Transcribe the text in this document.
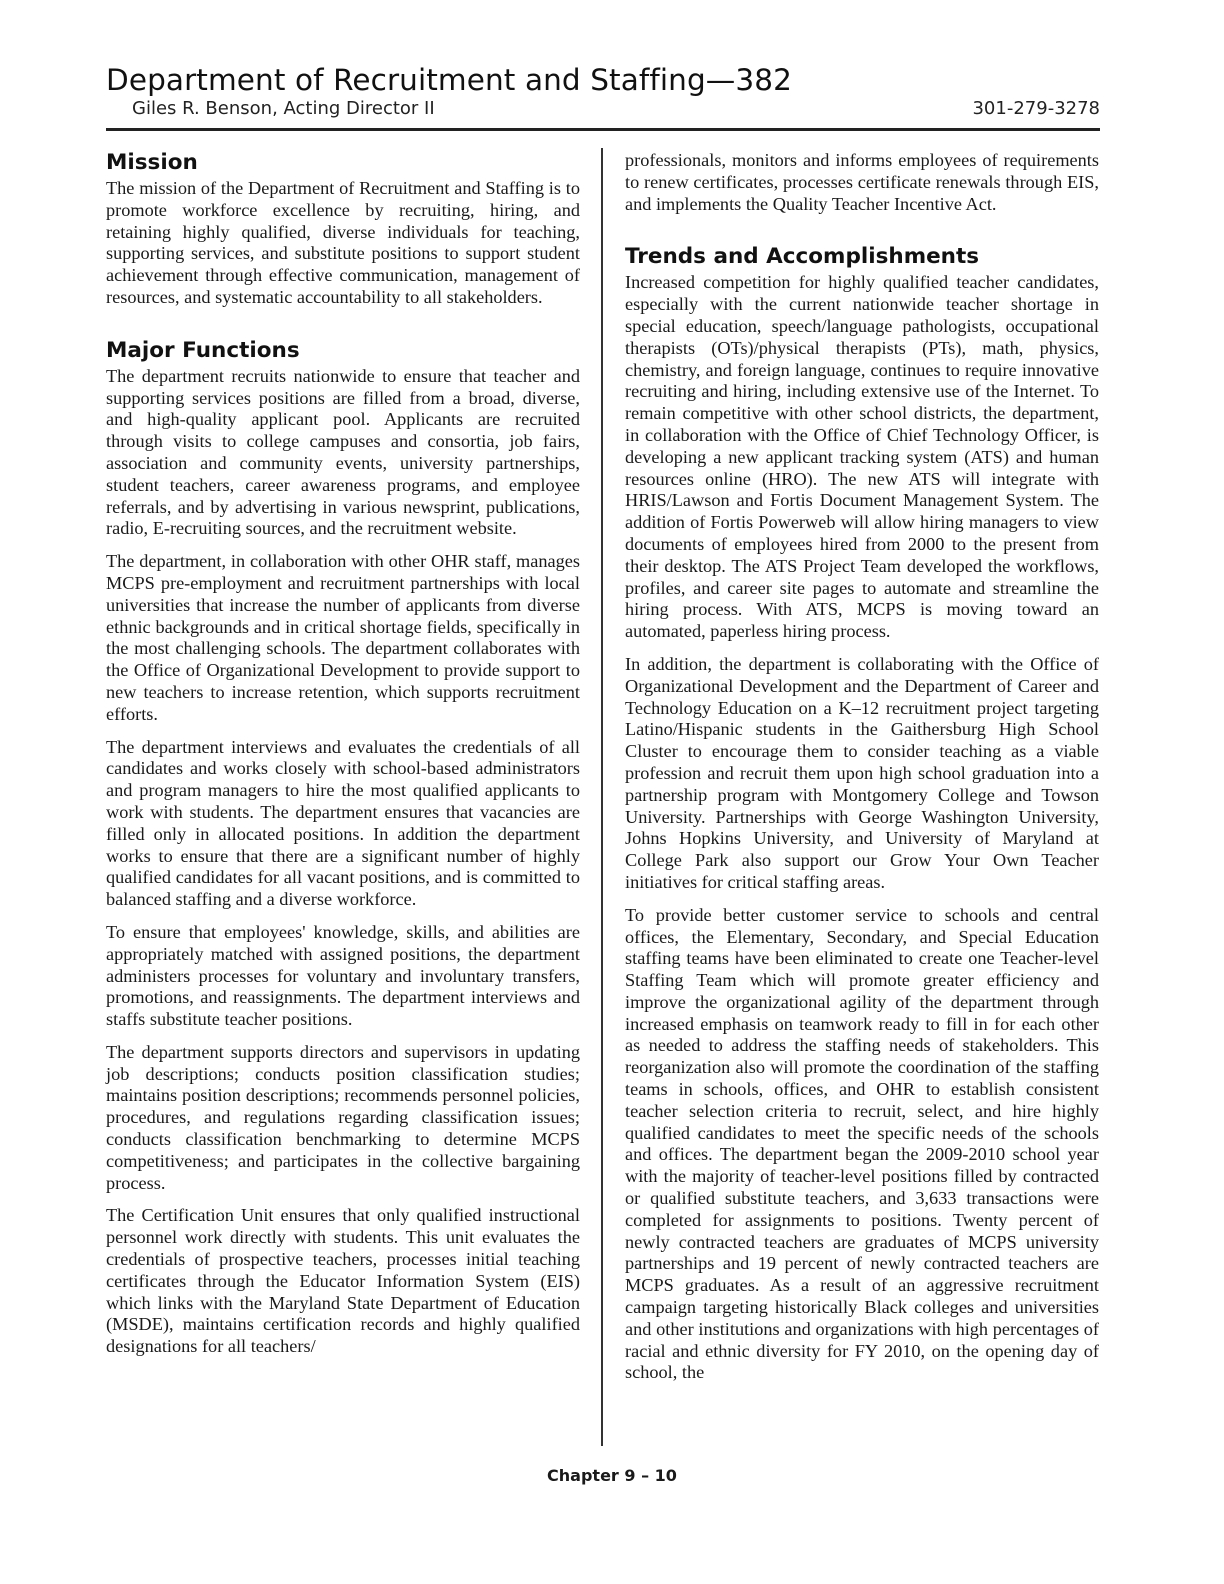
Department of Recruitment and Staffing—382
Giles R. Benson, Acting Director II	301-279-3278
Mission

The mission of the Department of Recruitment and Staffing is to promote workforce excellence by recruiting, hiring, and retaining highly qualified, diverse individuals for teaching, supporting services, and substitute positions to support student achievement through effective communication, management of resources, and systematic accountability to all stakeholders.

Major Functions

The department recruits nationwide to ensure that teacher and supporting services positions are filled from a broad, diverse, and high-quality applicant pool. Applicants are recruited through visits to college campuses and consortia, job fairs, association and community events, university partnerships, student teachers, career awareness programs, and employee referrals, and by advertising in various newsprint, publications, radio, E-recruiting sources, and the recruitment website.

The department, in collaboration with other OHR staff, manages MCPS pre-employment and recruitment partnerships with local universities that increase the number of applicants from diverse ethnic backgrounds and in critical shortage fields, specifically in the most challenging schools. The department collaborates with the Office of Organizational Development to provide support to new teachers to increase retention, which supports recruitment efforts.

The department interviews and evaluates the credentials of all candidates and works closely with school-based administrators and program managers to hire the most qualified applicants to work with students. The department ensures that vacancies are filled only in allocated positions. In addition the department works to ensure that there are a significant number of highly qualified candidates for all vacant positions, and is committed to balanced staffing and a diverse workforce.

To ensure that employees' knowledge, skills, and abilities are appropriately matched with assigned positions, the department administers processes for voluntary and involuntary transfers, promotions, and reassignments. The department interviews and staffs substitute teacher positions.

The department supports directors and supervisors in updating job descriptions; conducts position classification studies; maintains position descriptions; recommends personnel policies, procedures, and regulations regarding classification issues; conducts classification benchmarking to determine MCPS competitiveness; and participates in the collective bargaining process.

The Certification Unit ensures that only qualified instructional personnel work directly with students. This unit evaluates the credentials of prospective teachers, processes initial teaching certificates through the Educator Information System (EIS) which links with the Maryland State Department of Education (MSDE), maintains certification records and highly qualified designations for all teachers/

professionals, monitors and informs employees of requirements to renew certificates, processes certificate renewals through EIS, and implements the Quality Teacher Incentive Act.

Trends and Accomplishments

Increased competition for highly qualified teacher candidates, especially with the current nationwide teacher shortage in special education, speech/language pathologists, occupational therapists (OTs)/physical therapists (PTs), math, physics, chemistry, and foreign language, continues to require innovative recruiting and hiring, including extensive use of the Internet. To remain competitive with other school districts, the department, in collaboration with the Office of Chief Technology Officer, is developing a new applicant tracking system (ATS) and human resources online (HRO). The new ATS will integrate with HRIS/Lawson and Fortis Document Management System. The addition of Fortis Powerweb will allow hiring managers to view documents of employees hired from 2000 to the present from their desktop. The ATS Project Team developed the workflows, profiles, and career site pages to automate and streamline the hiring process. With ATS, MCPS is moving toward an automated, paperless hiring process.

In addition, the department is collaborating with the Office of Organizational Development and the Department of Career and Technology Education on a K–12 recruitment project targeting Latino/Hispanic students in the Gaithersburg High School Cluster to encourage them to consider teaching as a viable profession and recruit them upon high school graduation into a partnership program with Montgomery College and Towson University. Partnerships with George Washington University, Johns Hopkins University, and University of Maryland at College Park also support our Grow Your Own Teacher initiatives for critical staffing areas.

To provide better customer service to schools and central offices, the Elementary, Secondary, and Special Education staffing teams have been eliminated to create one Teacher-level Staffing Team which will promote greater efficiency and improve the organizational agility of the department through increased emphasis on teamwork ready to fill in for each other as needed to address the staffing needs of stakeholders. This reorganization also will promote the coordination of the staffing teams in schools, offices, and OHR to establish consistent teacher selection criteria to recruit, select, and hire highly qualified candidates to meet the specific needs of the schools and offices. The department began the 2009-2010 school year with the majority of teacher-level positions filled by contracted or qualified substitute teachers, and 3,633 transactions were completed for assignments to positions. Twenty percent of newly contracted teachers are graduates of MCPS university partnerships and 19 percent of newly contracted teachers are MCPS graduates. As a result of an aggressive recruitment campaign targeting historically Black colleges and universities and other institutions and organizations with high percentages of racial and ethnic diversity for FY 2010, on the opening day of school, the

Chapter 9 – 10
